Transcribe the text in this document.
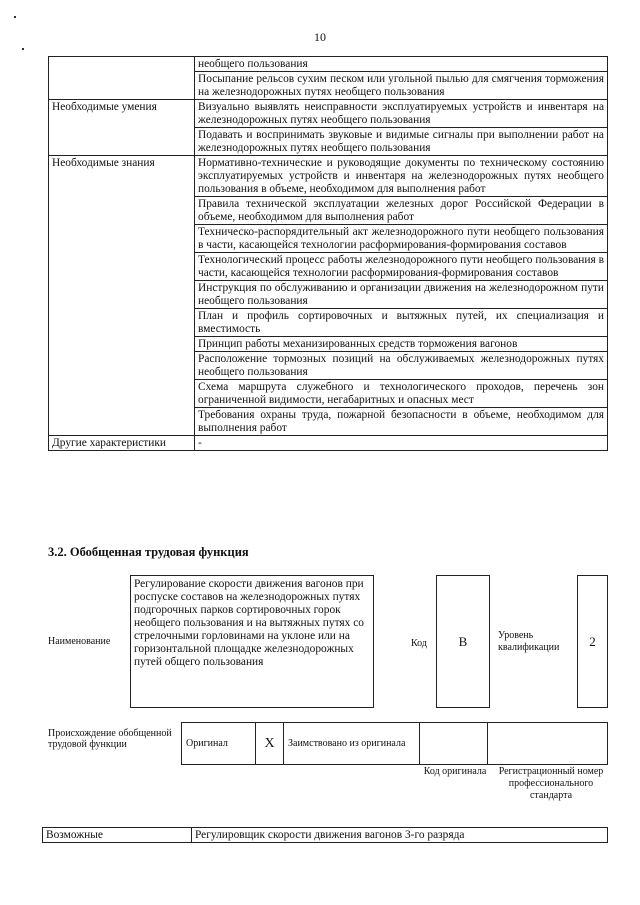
10
	необщего пользования
	Посыпание рельсов сухим песком или угольной пылью для смягчения торможения на железнодорожных путях необщего пользования
Необходимые умения	Визуально выявлять неисправности эксплуатируемых устройств и инвентаря на железнодорожных путях необщего пользования
	Подавать и воспринимать звуковые и видимые сигналы при выполнении работ на железнодорожных путях необщего пользования
Необходимые знания	Нормативно-технические и руководящие документы по техническому состоянию эксплуатируемых устройств и инвентаря на железнодорожных путях необщего пользования в объеме, необходимом для выполнения работ
	Правила технической эксплуатации железных дорог Российской Федерации в объеме, необходимом для выполнения работ
	Техническо-распорядительный акт железнодорожного пути необщего пользования в части, касающейся технологии расформирования-формирования составов
	Технологический процесс работы железнодорожного пути необщего пользования в части, касающейся технологии расформирования-формирования составов
	Инструкция по обслуживанию и организации движения на железнодорожном пути необщего пользования
	План и профиль сортировочных и вытяжных путей, их специализация и вместимость
	Принцип работы механизированных средств торможения вагонов
	Расположение тормозных позиций на обслуживаемых железнодорожных путях необщего пользования
	Схема маршрута служебного и технологического проходов, перечень зон ограниченной видимости, негабаритных и опасных мест
	Требования охраны труда, пожарной безопасности в объеме, необходимом для выполнения работ
Другие характеристики	-
3.2. Обобщенная трудовая функция
Наименование
Регулирование скорости движения вагонов при роспуске составов на железнодорожных путях подгорочных парков сортировочных горок необщего пользования и на вытяжных путях со стрелочными горловинами на уклоне или на горизонтальной площадке железнодорожных путей общего пользования
Код	B	Уровень квалификации	2
Происхождение обобщенной трудовой функции	Оригинал	X	Заимствовано из оригинала		
Код оригинала	Регистрационный номер профессионального стандарта
Возможные	Регулировщик скорости движения вагонов 3-го разряда
